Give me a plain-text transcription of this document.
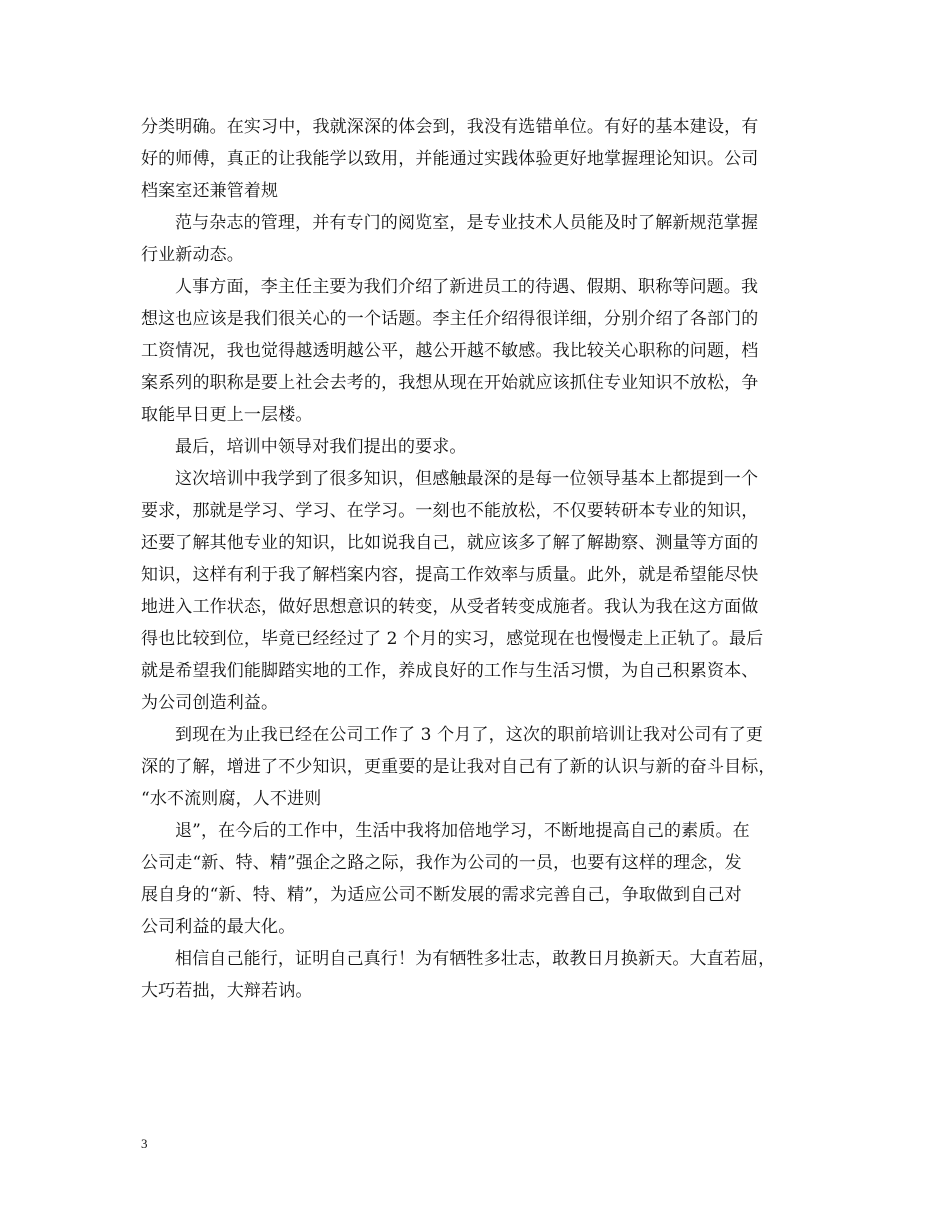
分类明确。在实习中，我就深深的体会到，我没有选错单位。有好的基本建设，有
好的师傅，真正的让我能学以致用，并能通过实践体验更好地掌握理论知识。公司
档案室还兼管着规
范与杂志的管理，并有专门的阅览室，是专业技术人员能及时了解新规范掌握
行业新动态。
人事方面，李主任主要为我们介绍了新进员工的待遇、假期、职称等问题。我
想这也应该是我们很关心的一个话题。李主任介绍得很详细，分别介绍了各部门的
工资情况，我也觉得越透明越公平，越公开越不敏感。我比较关心职称的问题，档
案系列的职称是要上社会去考的，我想从现在开始就应该抓住专业知识不放松，争
取能早日更上一层楼。
最后，培训中领导对我们提出的要求。
这次培训中我学到了很多知识，但感触最深的是每一位领导基本上都提到一个
要求，那就是学习、学习、在学习。一刻也不能放松，不仅要转研本专业的知识，
还要了解其他专业的知识，比如说我自己，就应该多了解了解勘察、测量等方面的
知识，这样有利于我了解档案内容，提高工作效率与质量。此外，就是希望能尽快
地进入工作状态，做好思想意识的转变，从受者转变成施者。我认为我在这方面做
得也比较到位，毕竟已经经过了 2 个月的实习，感觉现在也慢慢走上正轨了。最后
就是希望我们能脚踏实地的工作，养成良好的工作与生活习惯，为自己积累资本、
为公司创造利益。
到现在为止我已经在公司工作了 3 个月了，这次的职前培训让我对公司有了更
深的了解，增进了不少知识，更重要的是让我对自己有了新的认识与新的奋斗目标，
“水不流则腐，人不进则
退”，在今后的工作中，生活中我将加倍地学习，不断地提高自己的素质。在
公司走“新、特、精”强企之路之际，我作为公司的一员，也要有这样的理念，发
展自身的“新、特、精”，为适应公司不断发展的需求完善自己，争取做到自己对
公司利益的最大化。
相信自己能行，证明自己真行！为有牺牲多壮志，敢教日月换新天。大直若屈，
大巧若拙，大辩若讷。
3
